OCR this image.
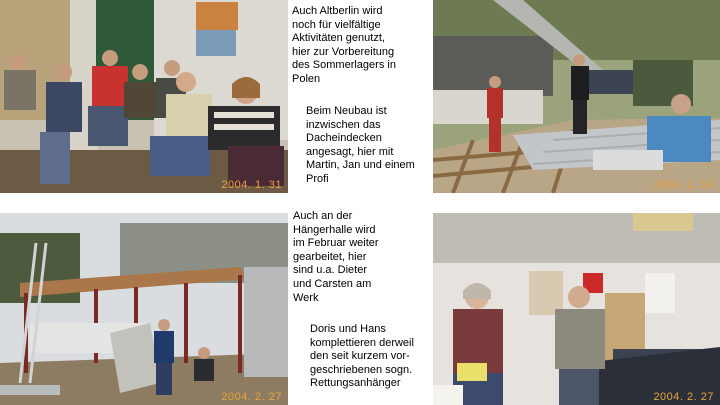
2004. 1. 31

Auch Altberlin wird
noch für vielfältige
Aktivitäten genutzt,
hier zur Vorbereitung
des Sommerlagers in
Polen

2004. 2. 14

Beim Neubau ist
inzwischen das
Dacheindecken
angesagt, hier mit
Martin, Jan und einem
Profi

2004. 2. 27

Auch an der
Hängerhalle wird
im Februar weiter
gearbeitet, hier
sind u.a. Dieter
und Carsten am
Werk

2004. 2. 27

Doris und Hans
komplettieren derweil
den seit kurzem vor-
geschriebenen sogn.
Rettungsanhänger
